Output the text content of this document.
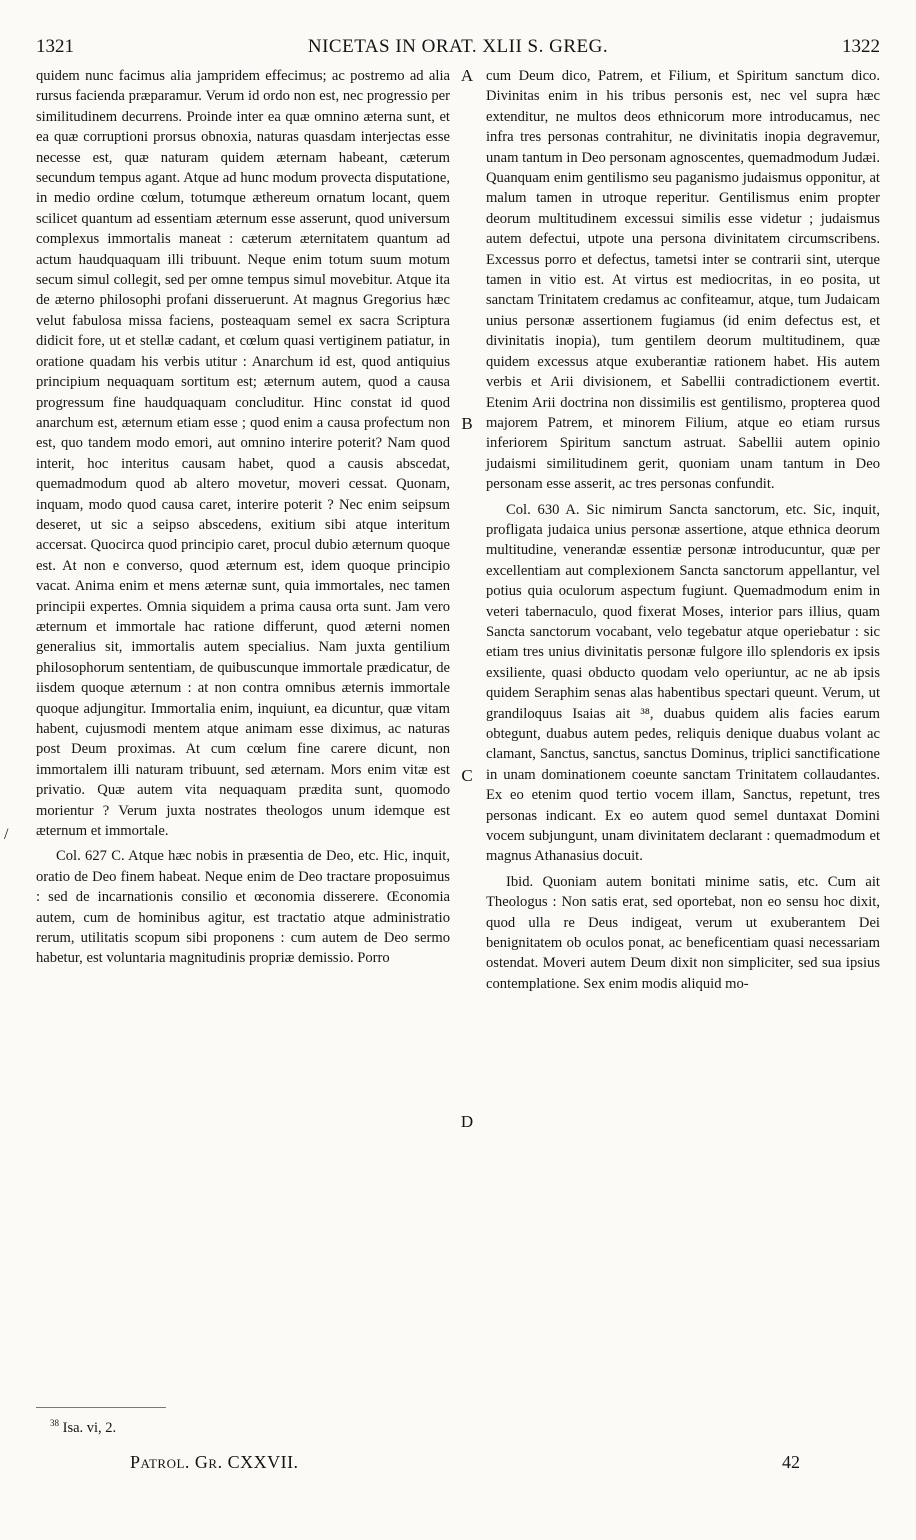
1321	NICETAS IN ORAT. XLII S. GREG.	1322

quidem nunc facimus alia jampridem effecimus; ac postremo ad alia rursus facienda præparamur. Verum id ordo non est, nec progressio per similitudinem decurrens. Proinde inter ea quæ omnino æterna sunt, et ea quæ corruptioni prorsus obnoxia, naturas quasdam interjectas esse necesse est, quæ naturam quidem æternam habeant, cæterum secundum tempus agant. Atque ad hunc modum provecta disputatione, in medio ordine cœlum, totumque æthereum ornatum locant, quem scilicet quantum ad essentiam æternum esse asserunt, quod universum complexus immortalis maneat : cæterum æternitatem quantum ad actum haudquaquam illi tribuunt. Neque enim totum suum motum secum simul collegit, sed per omne tempus simul movebitur. Atque ita de æterno philosophi profani disseruerunt. At magnus Gregorius hæc velut fabulosa missa faciens, posteaquam semel ex sacra Scriptura didicit fore, ut et stellæ cadant, et cœlum quasi vertiginem patiatur, in oratione quadam his verbis utitur : Anarchum id est, quod antiquius principium nequaquam sortitum est; æternum autem, quod a causa progressum fine haudquaquam concluditur. Hinc constat id quod anarchum est, æternum etiam esse ; quod enim a causa profectum non est, quo tandem modo emori, aut omnino interire poterit? Nam quod interit, hoc interitus causam habet, quod a causis abscedat, quemadmodum quod ab altero movetur, moveri cessat. Quonam, inquam, modo quod causa caret, interire poterit ? Nec enim seipsum deseret, ut sic a seipso abscedens, exitium sibi atque interitum accersat. Quocirca quod principio caret, procul dubio æternum quoque est. At non e converso, quod æternum est, idem quoque principio vacat. Anima enim et mens æternæ sunt, quia immortales, nec tamen principii expertes. Omnia siquidem a prima causa orta sunt. Jam vero æternum et immortale hac ratione differunt, quod æterni nomen generalius sit, immortalis autem specialius. Nam juxta gentilium philosophorum sententiam, de quibuscunque immortale prædicatur, de iisdem quoque æternum : at non contra omnibus æternis immortale quoque adjungitur. Immortalia enim, inquiunt, ea dicuntur, quæ vitam habent, cujusmodi mentem atque animam esse diximus, ac naturas post Deum proximas. At cum cœlum fine carere dicunt, non immortalem illi naturam tribuunt, sed æternam. Mors enim vitæ est privatio. Quæ autem vita nequaquam prædita sunt, quomodo morientur ? Verum juxta nostrates theologos unum idemque est æternum et immortale.

Col. 627 C. Atque hæc nobis in præsentia de Deo, etc. Hic, inquit, oratio de Deo finem habeat. Neque enim de Deo tractare proposuimus : sed de incarnationis consilio et œconomia disserere. Œconomia autem, cum de hominibus agitur, est tractatio atque administratio rerum, utilitatis scopum sibi proponens : cum autem de Deo sermo habetur, est voluntaria magnitudinis propriæ demissio. Porro

cum Deum dico, Patrem, et Filium, et Spiritum sanctum dico. Divinitas enim in his tribus personis est, nec vel supra hæc extenditur, ne multos deos ethnicorum more introducamus, nec infra tres personas contrahitur, ne divinitatis inopia degravemur, unam tantum in Deo personam agnoscentes, quemadmodum Judæi. Quanquam enim gentilismo seu paganismo judaismus opponitur, at malum tamen in utroque reperitur. Gentilismus enim propter deorum multitudinem excessui similis esse videtur ; judaismus autem defectui, utpote una persona divinitatem circumscribens. Excessus porro et defectus, tametsi inter se contrarii sint, uterque tamen in vitio est. At virtus est mediocritas, in eo posita, ut sanctam Trinitatem credamus ac confiteamur, atque, tum Judaicam unius personæ assertionem fugiamus (id enim defectus est, et divinitatis inopia), tum gentilem deorum multitudinem, quæ quidem excessus atque exuberantiæ rationem habet. His autem verbis et Arii divisionem, et Sabellii contradictionem evertit. Etenim Arii doctrina non dissimilis est gentilismo, propterea quod majorem Patrem, et minorem Filium, atque eo etiam rursus inferiorem Spiritum sanctum astruat. Sabellii autem opinio judaismi similitudinem gerit, quoniam unam tantum in Deo personam esse asserit, ac tres personas confundit.

Col. 630 A. Sic nimirum Sancta sanctorum, etc. Sic, inquit, profligata judaica unius personæ assertione, atque ethnica deorum multitudine, venerandæ essentiæ personæ introducuntur, quæ per excellentiam aut complexionem Sancta sanctorum appellantur, vel potius quia oculorum aspectum fugiunt. Quemadmodum enim in veteri tabernaculo, quod fixerat Moses, interior pars illius, quam Sancta sanctorum vocabant, velo tegebatur atque operiebatur : sic etiam tres unius divinitatis personæ fulgore illo splendoris ex ipsis exsiliente, quasi obducto quodam velo operiuntur, ac ne ab ipsis quidem Seraphim senas alas habentibus spectari queunt. Verum, ut grandiloquus Isaias ait ³⁸, duabus quidem alis facies earum obtegunt, duabus autem pedes, reliquis denique duabus volant ac clamant, Sanctus, sanctus, sanctus Dominus, triplici sanctificatione in unam dominationem coeunte sanctam Trinitatem collaudantes. Ex eo etenim quod tertio vocem illam, Sanctus, repetunt, tres personas indicant. Ex eo autem quod semel duntaxat Domini vocem subjungunt, unam divinitatem declarant : quemadmodum et magnus Athanasius docuit.

Ibid. Quoniam autem bonitati minime satis, etc. Cum ait Theologus : Non satis erat, sed oportebat, non eo sensu hoc dixit, quod ulla re Deus indigeat, verum ut exuberantem Dei benignitatem ob oculos ponat, ac beneficentiam quasi necessariam ostendat. Moveri autem Deum dixit non simpliciter, sed sua ipsius contemplatione. Sex enim modis aliquid mo-

A
B
C
D
/
$^{38}$ Isa. vi, 2.
Patrol. Gr. CXXVII.	42
